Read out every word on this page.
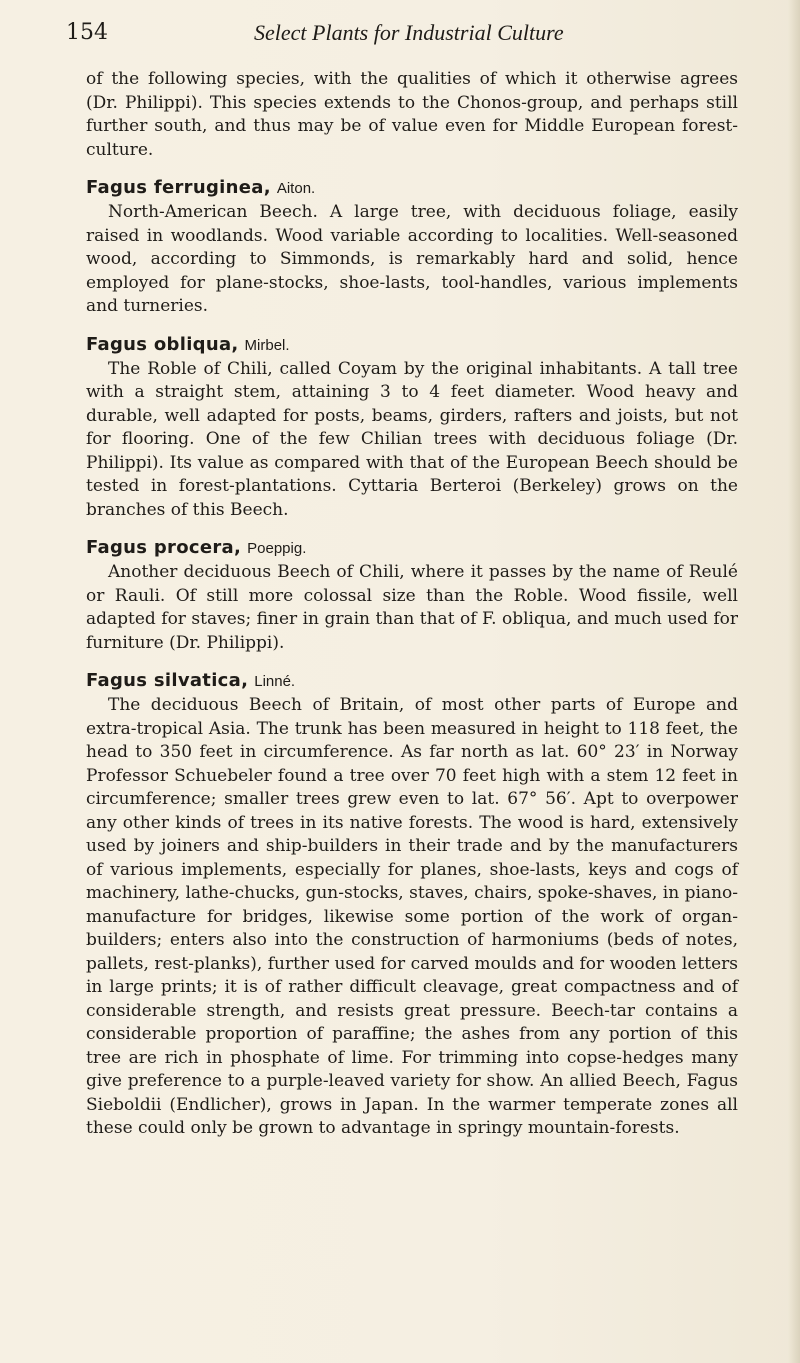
154	Select Plants for Industrial Culture

of the following species, with the qualities of which it otherwise agrees (Dr. Philippi). This species extends to the Chonos-group, and perhaps still further south, and thus may be of value even for Middle European forest-culture.

Fagus ferruginea, Aiton.

North-American Beech. A large tree, with deciduous foliage, easily raised in woodlands. Wood variable according to localities. Well-seasoned wood, according to Simmonds, is remarkably hard and solid, hence employed for plane-stocks, shoe-lasts, tool-handles, various implements and turneries.

Fagus obliqua, Mirbel.

The Roble of Chili, called Coyam by the original inhabitants. A tall tree with a straight stem, attaining 3 to 4 feet diameter. Wood heavy and durable, well adapted for posts, beams, girders, rafters and joists, but not for flooring. One of the few Chilian trees with deciduous foliage (Dr. Philippi). Its value as compared with that of the European Beech should be tested in forest-plantations. Cyttaria Berteroi (Berkeley) grows on the branches of this Beech.

Fagus procera, Poeppig.

Another deciduous Beech of Chili, where it passes by the name of Reulé or Rauli. Of still more colossal size than the Roble. Wood fissile, well adapted for staves; finer in grain than that of F. obliqua, and much used for furniture (Dr. Philippi).

Fagus silvatica, Linné.

The deciduous Beech of Britain, of most other parts of Europe and extra-tropical Asia. The trunk has been measured in height to 118 feet, the head to 350 feet in circumference. As far north as lat. 60° 23′ in Norway Professor Schuebeler found a tree over 70 feet high with a stem 12 feet in circumference; smaller trees grew even to lat. 67° 56′. Apt to overpower any other kinds of trees in its native forests. The wood is hard, extensively used by joiners and ship-builders in their trade and by the manufacturers of various implements, especially for planes, shoe-lasts, keys and cogs of machinery, lathe-chucks, gun-stocks, staves, chairs, spoke-shaves, in piano-manufacture for bridges, likewise some portion of the work of organ-builders; enters also into the construction of harmoniums (beds of notes, pallets, rest-planks), further used for carved moulds and for wooden letters in large prints; it is of rather difficult cleavage, great compactness and of considerable strength, and resists great pressure. Beech-tar contains a considerable proportion of paraffine; the ashes from any portion of this tree are rich in phosphate of lime. For trimming into copse-hedges many give preference to a purple-leaved variety for show. An allied Beech, Fagus Sieboldii (Endlicher), grows in Japan. In the warmer temperate zones all these could only be grown to advantage in springy mountain-forests.
